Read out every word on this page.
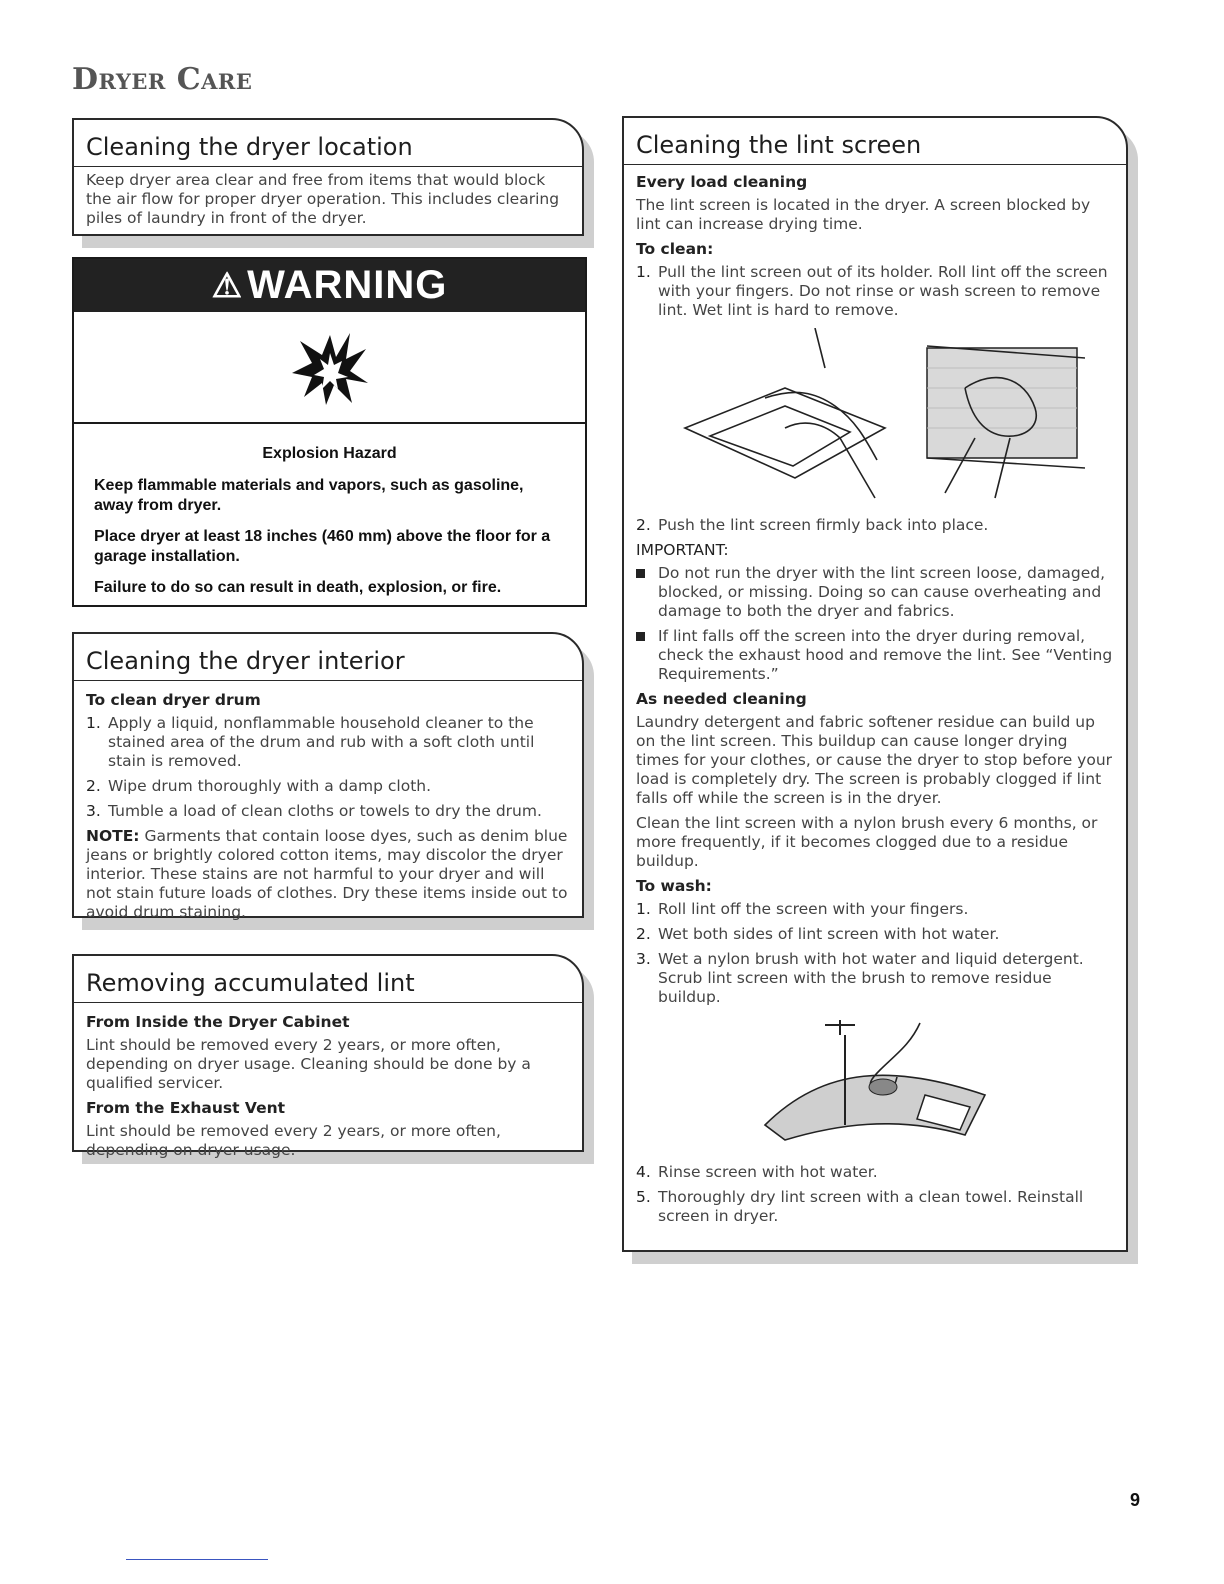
Dryer Care
Cleaning the dryer location

Keep dryer area clear and free from items that would block the air flow for proper dryer operation. This includes clearing piles of laundry in front of the dryer.

⚠ WARNING

Explosion Hazard

Keep flammable materials and vapors, such as gasoline, away from dryer.

Place dryer at least 18 inches (460 mm) above the floor for a garage installation.

Failure to do so can result in death, explosion, or fire.

Cleaning the dryer interior
To clean dryer drum
1. Apply a liquid, nonflammable household cleaner to the stained area of the drum and rub with a soft cloth until stain is removed.
2. Wipe drum thoroughly with a damp cloth.
3. Tumble a load of clean cloths or towels to dry the drum.

NOTE: Garments that contain loose dyes, such as denim blue jeans or brightly colored cotton items, may discolor the dryer interior. These stains are not harmful to your dryer and will not stain future loads of clothes. Dry these items inside out to avoid drum staining.

Removing accumulated lint
From Inside the Dryer Cabinet

Lint should be removed every 2 years, or more often, depending on dryer usage. Cleaning should be done by a qualified servicer.

From the Exhaust Vent

Lint should be removed every 2 years, or more often, depending on dryer usage.

Cleaning the lint screen
Every load cleaning

The lint screen is located in the dryer. A screen blocked by lint can increase drying time.

To clean:
1. Pull the lint screen out of its holder. Roll lint off the screen with your fingers. Do not rinse or wash screen to remove lint. Wet lint is hard to remove.
2. Push the lint screen firmly back into place.
IMPORTANT:
Do not run the dryer with the lint screen loose, damaged, blocked, or missing. Doing so can cause overheating and damage to both the dryer and fabrics.
If lint falls off the screen into the dryer during removal, check the exhaust hood and remove the lint. See “Venting Requirements.”
As needed cleaning

Laundry detergent and fabric softener residue can build up on the lint screen. This buildup can cause longer drying times for your clothes, or cause the dryer to stop before your load is completely dry. The screen is probably clogged if lint falls off while the screen is in the dryer.

Clean the lint screen with a nylon brush every 6 months, or more frequently, if it becomes clogged due to a residue buildup.

To wash:
1. Roll lint off the screen with your fingers.
2. Wet both sides of lint screen with hot water.
3. Wet a nylon brush with hot water and liquid detergent. Scrub lint screen with the brush to remove residue buildup.
4. Rinse screen with hot water.
5. Thoroughly dry lint screen with a clean towel. Reinstall screen in dryer.
9
